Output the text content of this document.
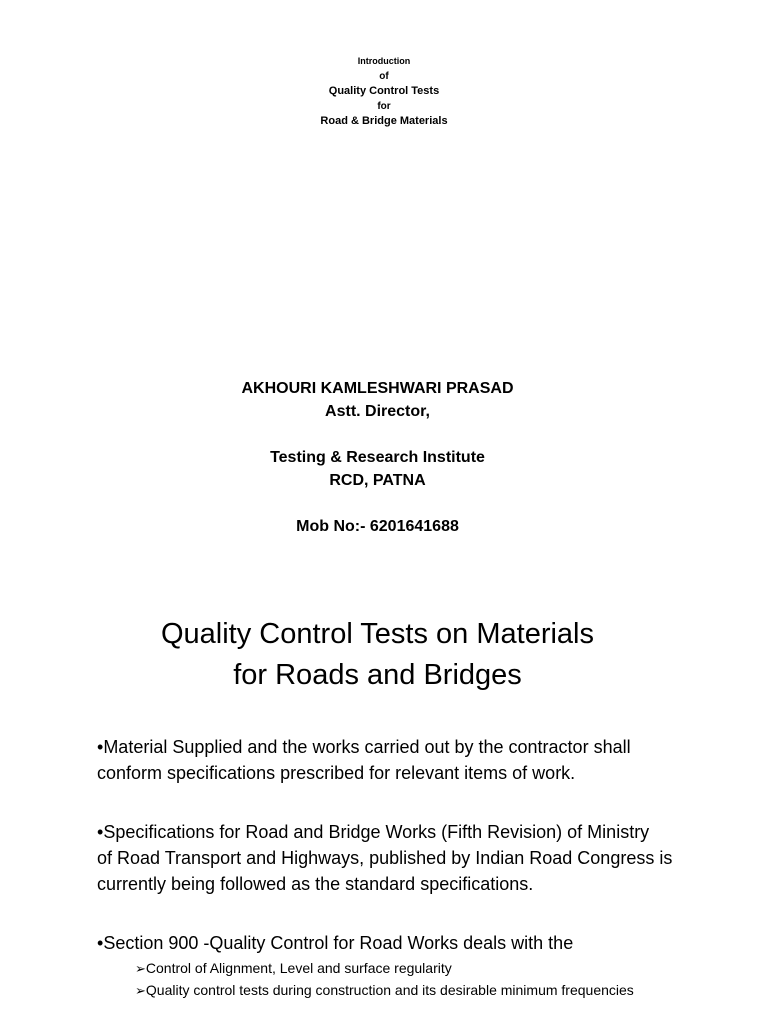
Introduction
of
Quality Control Tests
for
Road & Bridge Materials
AKHOURI KAMLESHWARI PRASAD
Astt. Director,
Testing & Research Institute
RCD, PATNA
Mob No:- 6201641688
Quality Control Tests on Materials
for Roads and Bridges
•Material Supplied and the works carried out by the contractor shall
conform specifications prescribed for relevant items of work.
•Specifications for Road and Bridge Works (Fifth Revision) of Ministry
of Road Transport and Highways, published by Indian Road Congress is
currently being followed as the standard specifications.
•Section 900 -Quality Control for Road Works deals with the
➢Control of Alignment, Level and surface regularity
➢Quality control tests during construction and its desirable minimum frequencies
